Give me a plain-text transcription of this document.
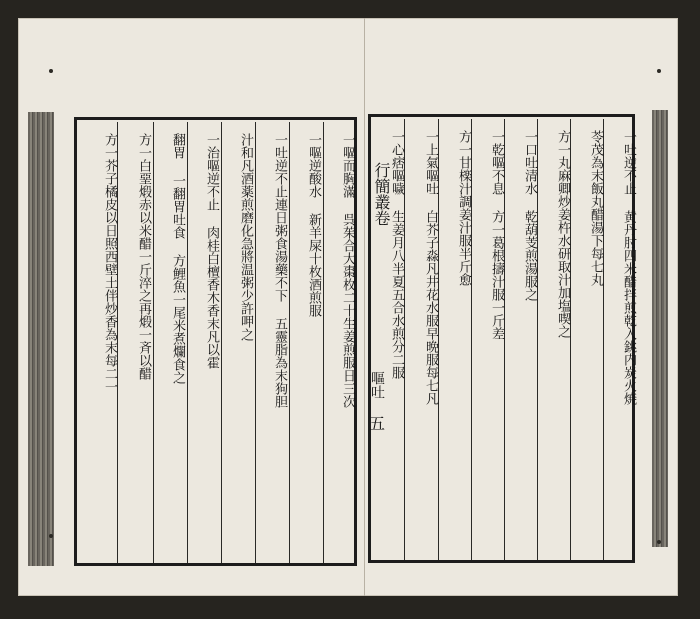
方一芥子橘皮以日照西壁土伴炒香為末每二一	方一白堊煅赤以米醋一斤淬之再煅一斉以醋	翻胃 一翻胃吐食 方鯉魚一尾米煮爛食之	一治嘔逆不止 肉桂白檀香木香末凡以霍	汁和凡酒薬煎磨化急將温粥少許呷之	一吐逆不止連日粥食湯藥不下 五靈脂為末狗胆	一嘔逆酸水 新羊屎十枚酒煎服	一嘔而胸滿 呉茱合大棗枚二十生姜煎服日三次	行簡叢卷
嘔吐
五
一心痞嘔噦 生姜月八半夏五合水煎分二服	一上氣嘔吐 白芥子淼凡井花水服早晩服每七凡	方一甘檪汁調姜汁服半斤愈	一乾嘔不息 方一葛根擣汁服一斤差	一口吐清水 乾葫芰煎湯服之	方一丸麻卿炒姜杵水研取汁加塩喫之	苓茂為末飯丸醋湯下每七丸	一吐逆不止 黄丹肘四米醋拌煎乾入銚内炭火焼
